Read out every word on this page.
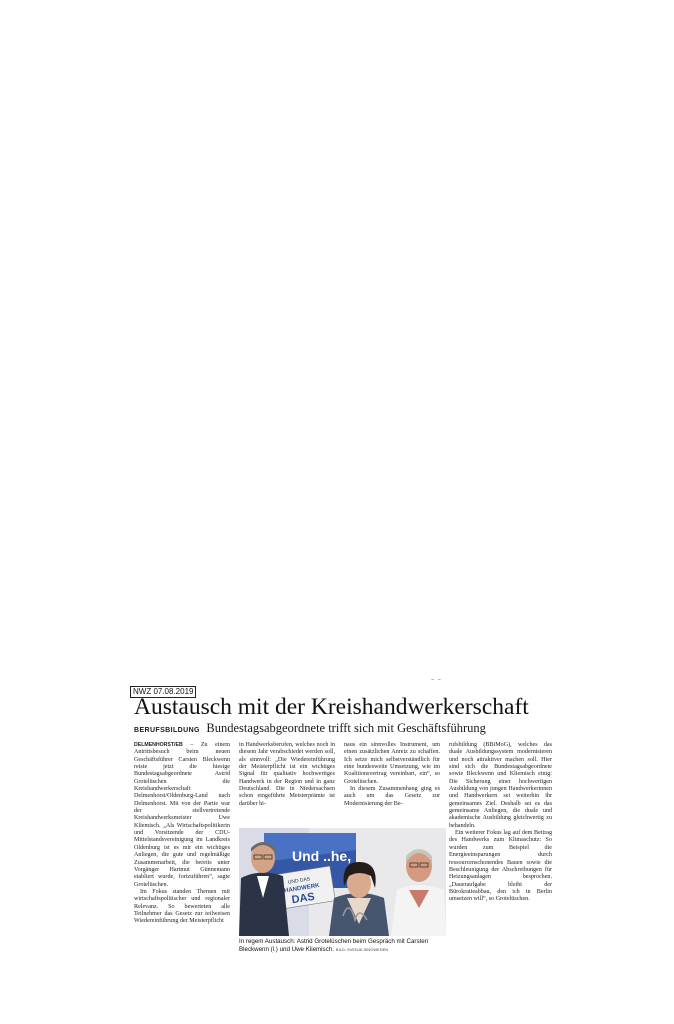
– –
NWZ 07.08.2019
Austausch mit der Kreishandwerkerschaft
BERUFSBILDUNG Bundestagsabgeordnete trifft sich mit Geschäftsführung

DELMENHORST/EB – Zu einem Antrittsbesuch beim neuen Geschäftsführer Carsten Bleckwenn reiste jetzt die hiesige Bundestagsabgeordnete Astrid Grotelüschen die Kreishandwerkerschaft Delmenhorst/Oldenburg-Land nach Delmenhorst. Mit von der Partie war der stellvertretende Kreishandwerksmeister Uwe Kliemisch. „Als Wirtschaftspolitikerin und Vorsitzende der CDU-Mittelstandsvereinigung im Landkreis Oldenburg ist es mir ein wichtiges Anliegen, die gute und regelmäßige Zusammenarbeit, die bereits unter Vorgänger Hartmut Günnemann etabliert wurde, fortzuführen“, sagte Grotelüschen.

Im Fokus standen Themen mit wirtschaftspolitischer und regionaler Relevanz. So bewerteten alle Teilnehmer das Gesetz zur teilweisen Wiedereinführung der Meisterpflicht

in Handwerksberufen, welches noch in diesem Jahr verabschiedet werden soll, als sinnvoll: „Die Wiedereinführung der Meisterpflicht ist ein wichtiges Signal für qualitativ hochwertiges Handwerk in der Region und in ganz Deutschland. Die in Niedersachsen schon eingeführte Meisterprämie ist darüber hi-

naus ein sinnvolles Instrument, um einen zusätzlichen Anreiz zu schaffen. Ich setze mich selbstverständlich für eine bundesweite Umsetzung, wie im Koalitionsvertrag vereinbart, ein“, so Grotelüschen.

In diesem Zusammenhang ging es auch um das Gesetz zur Modernisierung der Be-

rufsbildung (BBiMoG), welches das duale Ausbildungssystem modernisieren und noch attraktiver machen soll. Hier sind sich die Bundestagsabgeordnete sowie Bleckwenn und Kliemisch einig: Die Sicherung einer hochwertigen Ausbildung von jungen Handwerkerinnen und Handwerkern sei weiterhin ihr gemeinsames Ziel. Deshalb sei es das gemeinsame Anliegen, die duale und akademische Ausbildung gleichwertig zu behandeln.

Ein weiterer Fokus lag auf dem Beitrag des Handwerks zum Klimaschutz: So wurden zum Beispiel die Energieeinsparungen durch ressourcenschonendes Bauen sowie die Beschleunigung der Abschreibungen für Heizungsanlagen besprochen. „Daueraufgabe bleibt der Bürokratieabbau, den ich in Berlin umsetzen will“, so Grotelüschen.

Und ..he,
UND DAS
HANDWERK
DAS
In regem Austausch: Astrid Grotelüschen beim Gespräch mit Carsten Bleckwenn (l.) und Uwe Kliemisch. BILD: SVENJA SINGWEDEN
